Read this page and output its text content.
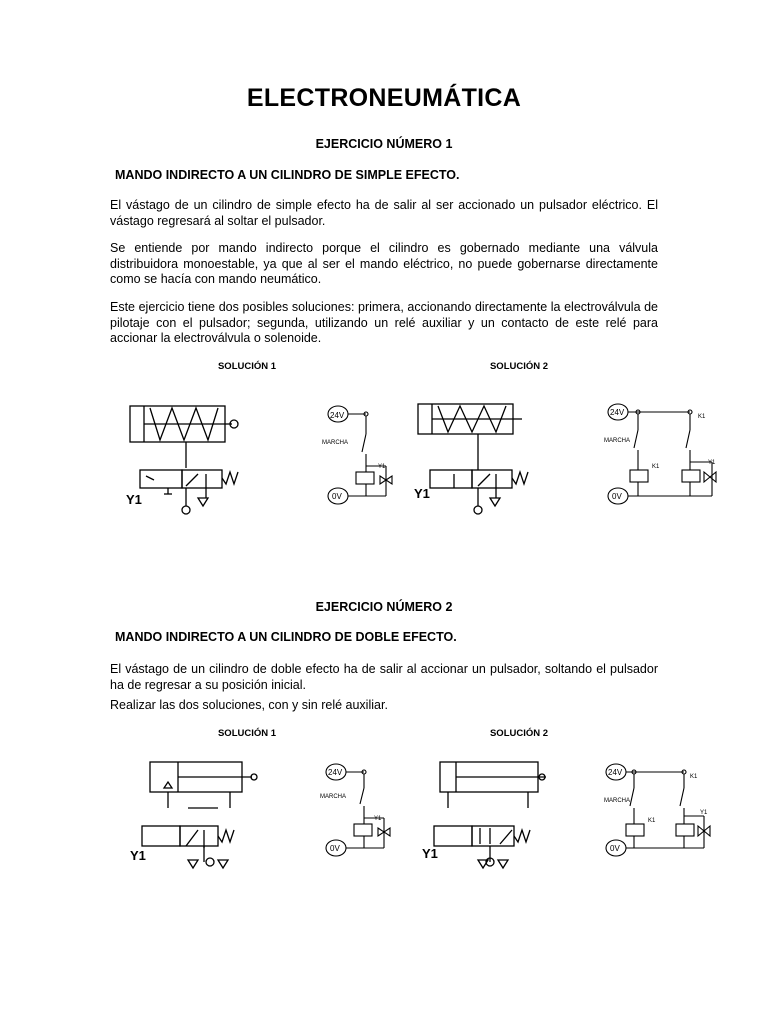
ELECTRONEUMÁTICA
EJERCICIO NÚMERO 1
MANDO INDIRECTO A UN CILINDRO DE SIMPLE EFECTO.
El vástago de un cilindro de simple efecto ha de salir al ser accionado un pulsador eléctrico. El vástago regresará al soltar el pulsador.
Se entiende por mando indirecto porque el cilindro es gobernado mediante una válvula distribuidora monoestable, ya que al ser el mando eléctrico, no puede gobernarse directamente como se hacía con mando neumático.
Este ejercicio tiene dos posibles soluciones: primera, accionando directamente la electroválvula de pilotaje con el pulsador; segunda, utilizando un relé auxiliar y un contacto de este relé para accionar la electroválvula o solenoide.
SOLUCIÓN 1	SOLUCIÓN 2
Y1
24V
MARCHA
Y1
0V	Y1
24V	K1
MARCHA
K1
Y1
0V
EJERCICIO NÚMERO 2
MANDO INDIRECTO A UN CILINDRO DE DOBLE EFECTO.
El vástago de un cilindro de doble efecto ha de salir al accionar un pulsador, soltando el pulsador ha de regresar a su posición inicial.
Realizar las dos soluciones, con y sin relé auxiliar.
SOLUCIÓN 1	SOLUCIÓN 2
Y1
24V
MARCHA
Y1
0V	Y1
24V	K1
MARCHA
K1
Y1
0V
